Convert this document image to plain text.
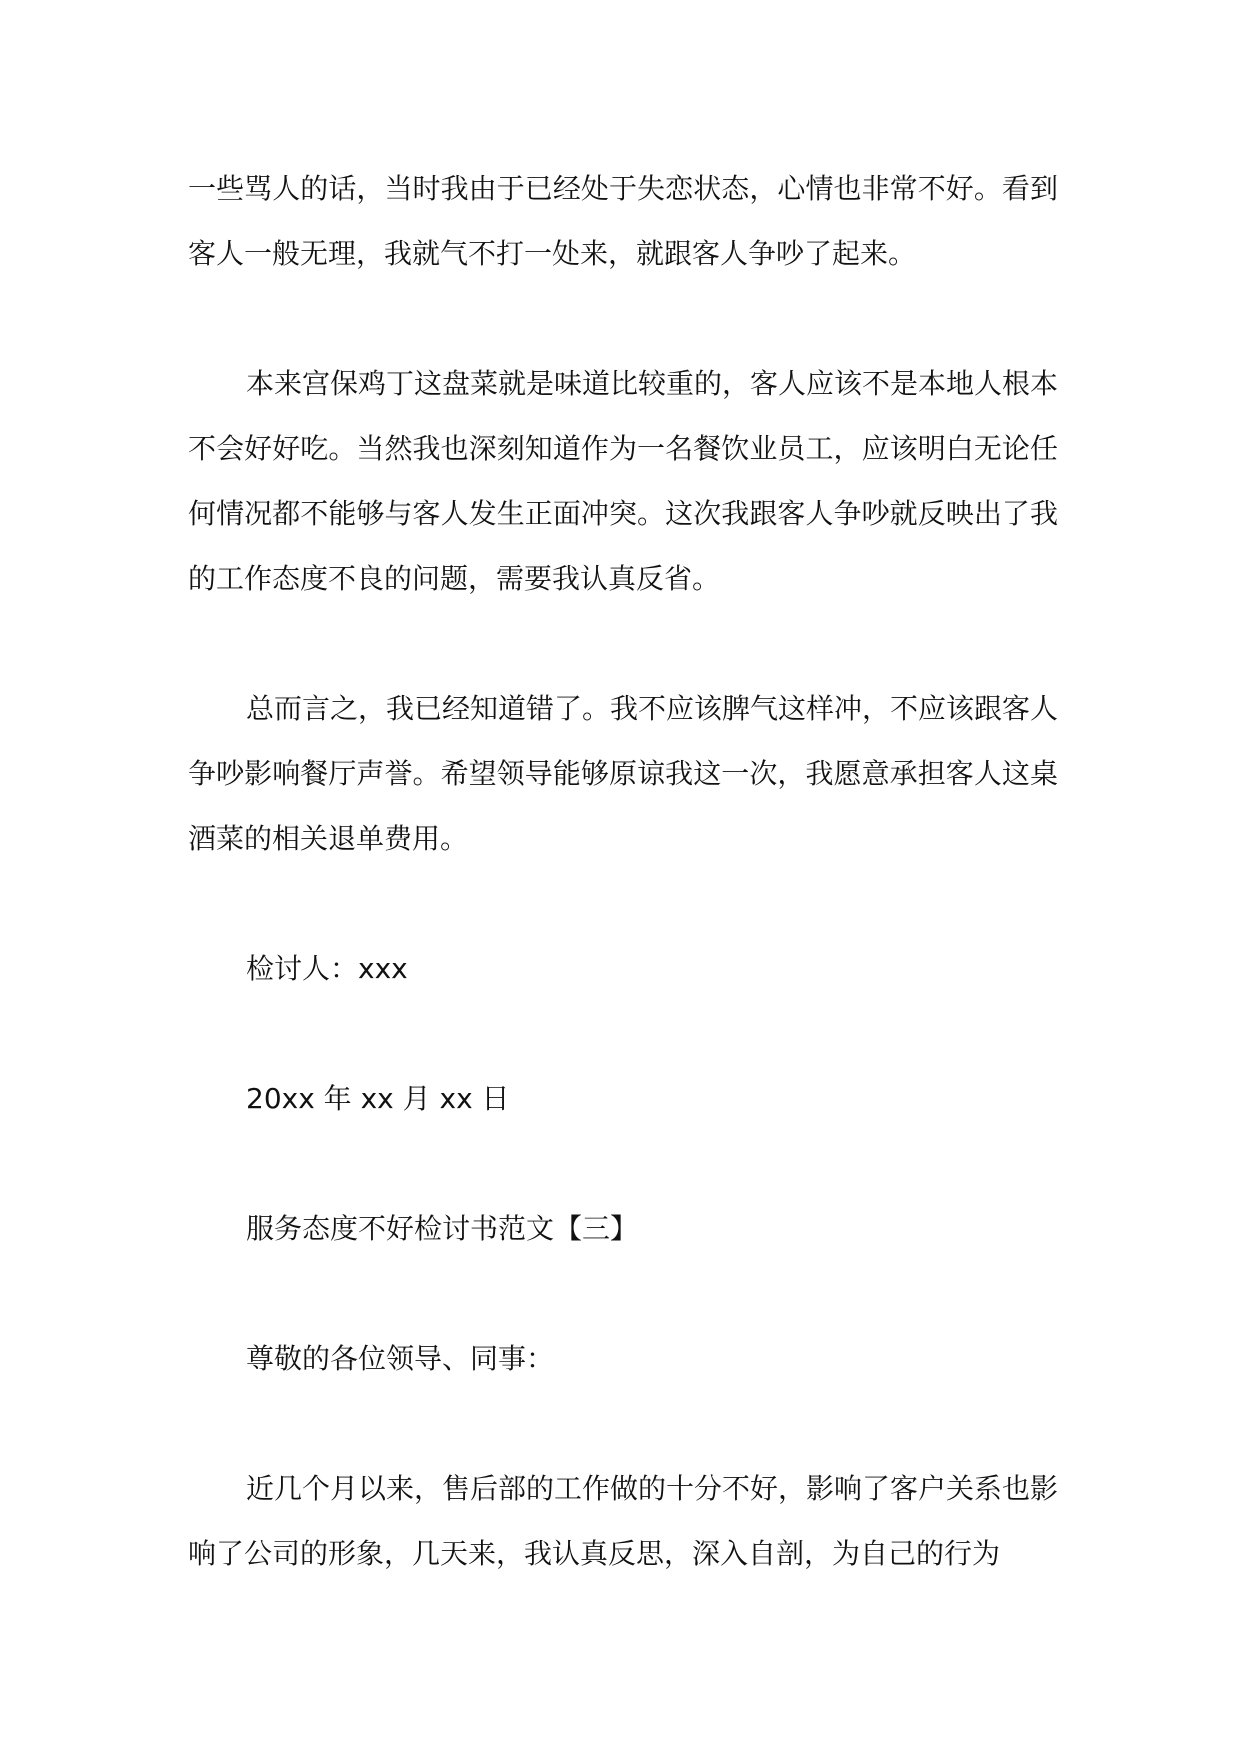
一些骂人的话，当时我由于已经处于失恋状态，心情也非常不好。看到客人一般无理，我就气不打一处来，就跟客人争吵了起来。

本来宫保鸡丁这盘菜就是味道比较重的，客人应该不是本地人根本不会好好吃。当然我也深刻知道作为一名餐饮业员工，应该明白无论任何情况都不能够与客人发生正面冲突。这次我跟客人争吵就反映出了我的工作态度不良的问题，需要我认真反省。

总而言之，我已经知道错了。我不应该脾气这样冲，不应该跟客人争吵影响餐厅声誉。希望领导能够原谅我这一次，我愿意承担客人这桌酒菜的相关退单费用。

检讨人：xxx

20xx 年 xx 月 xx 日

服务态度不好检讨书范文【三】

尊敬的各位领导、同事：

近几个月以来，售后部的工作做的十分不好，影响了客户关系也影响了公司的形象，几天来，我认真反思，深入自剖，为自己的行为
